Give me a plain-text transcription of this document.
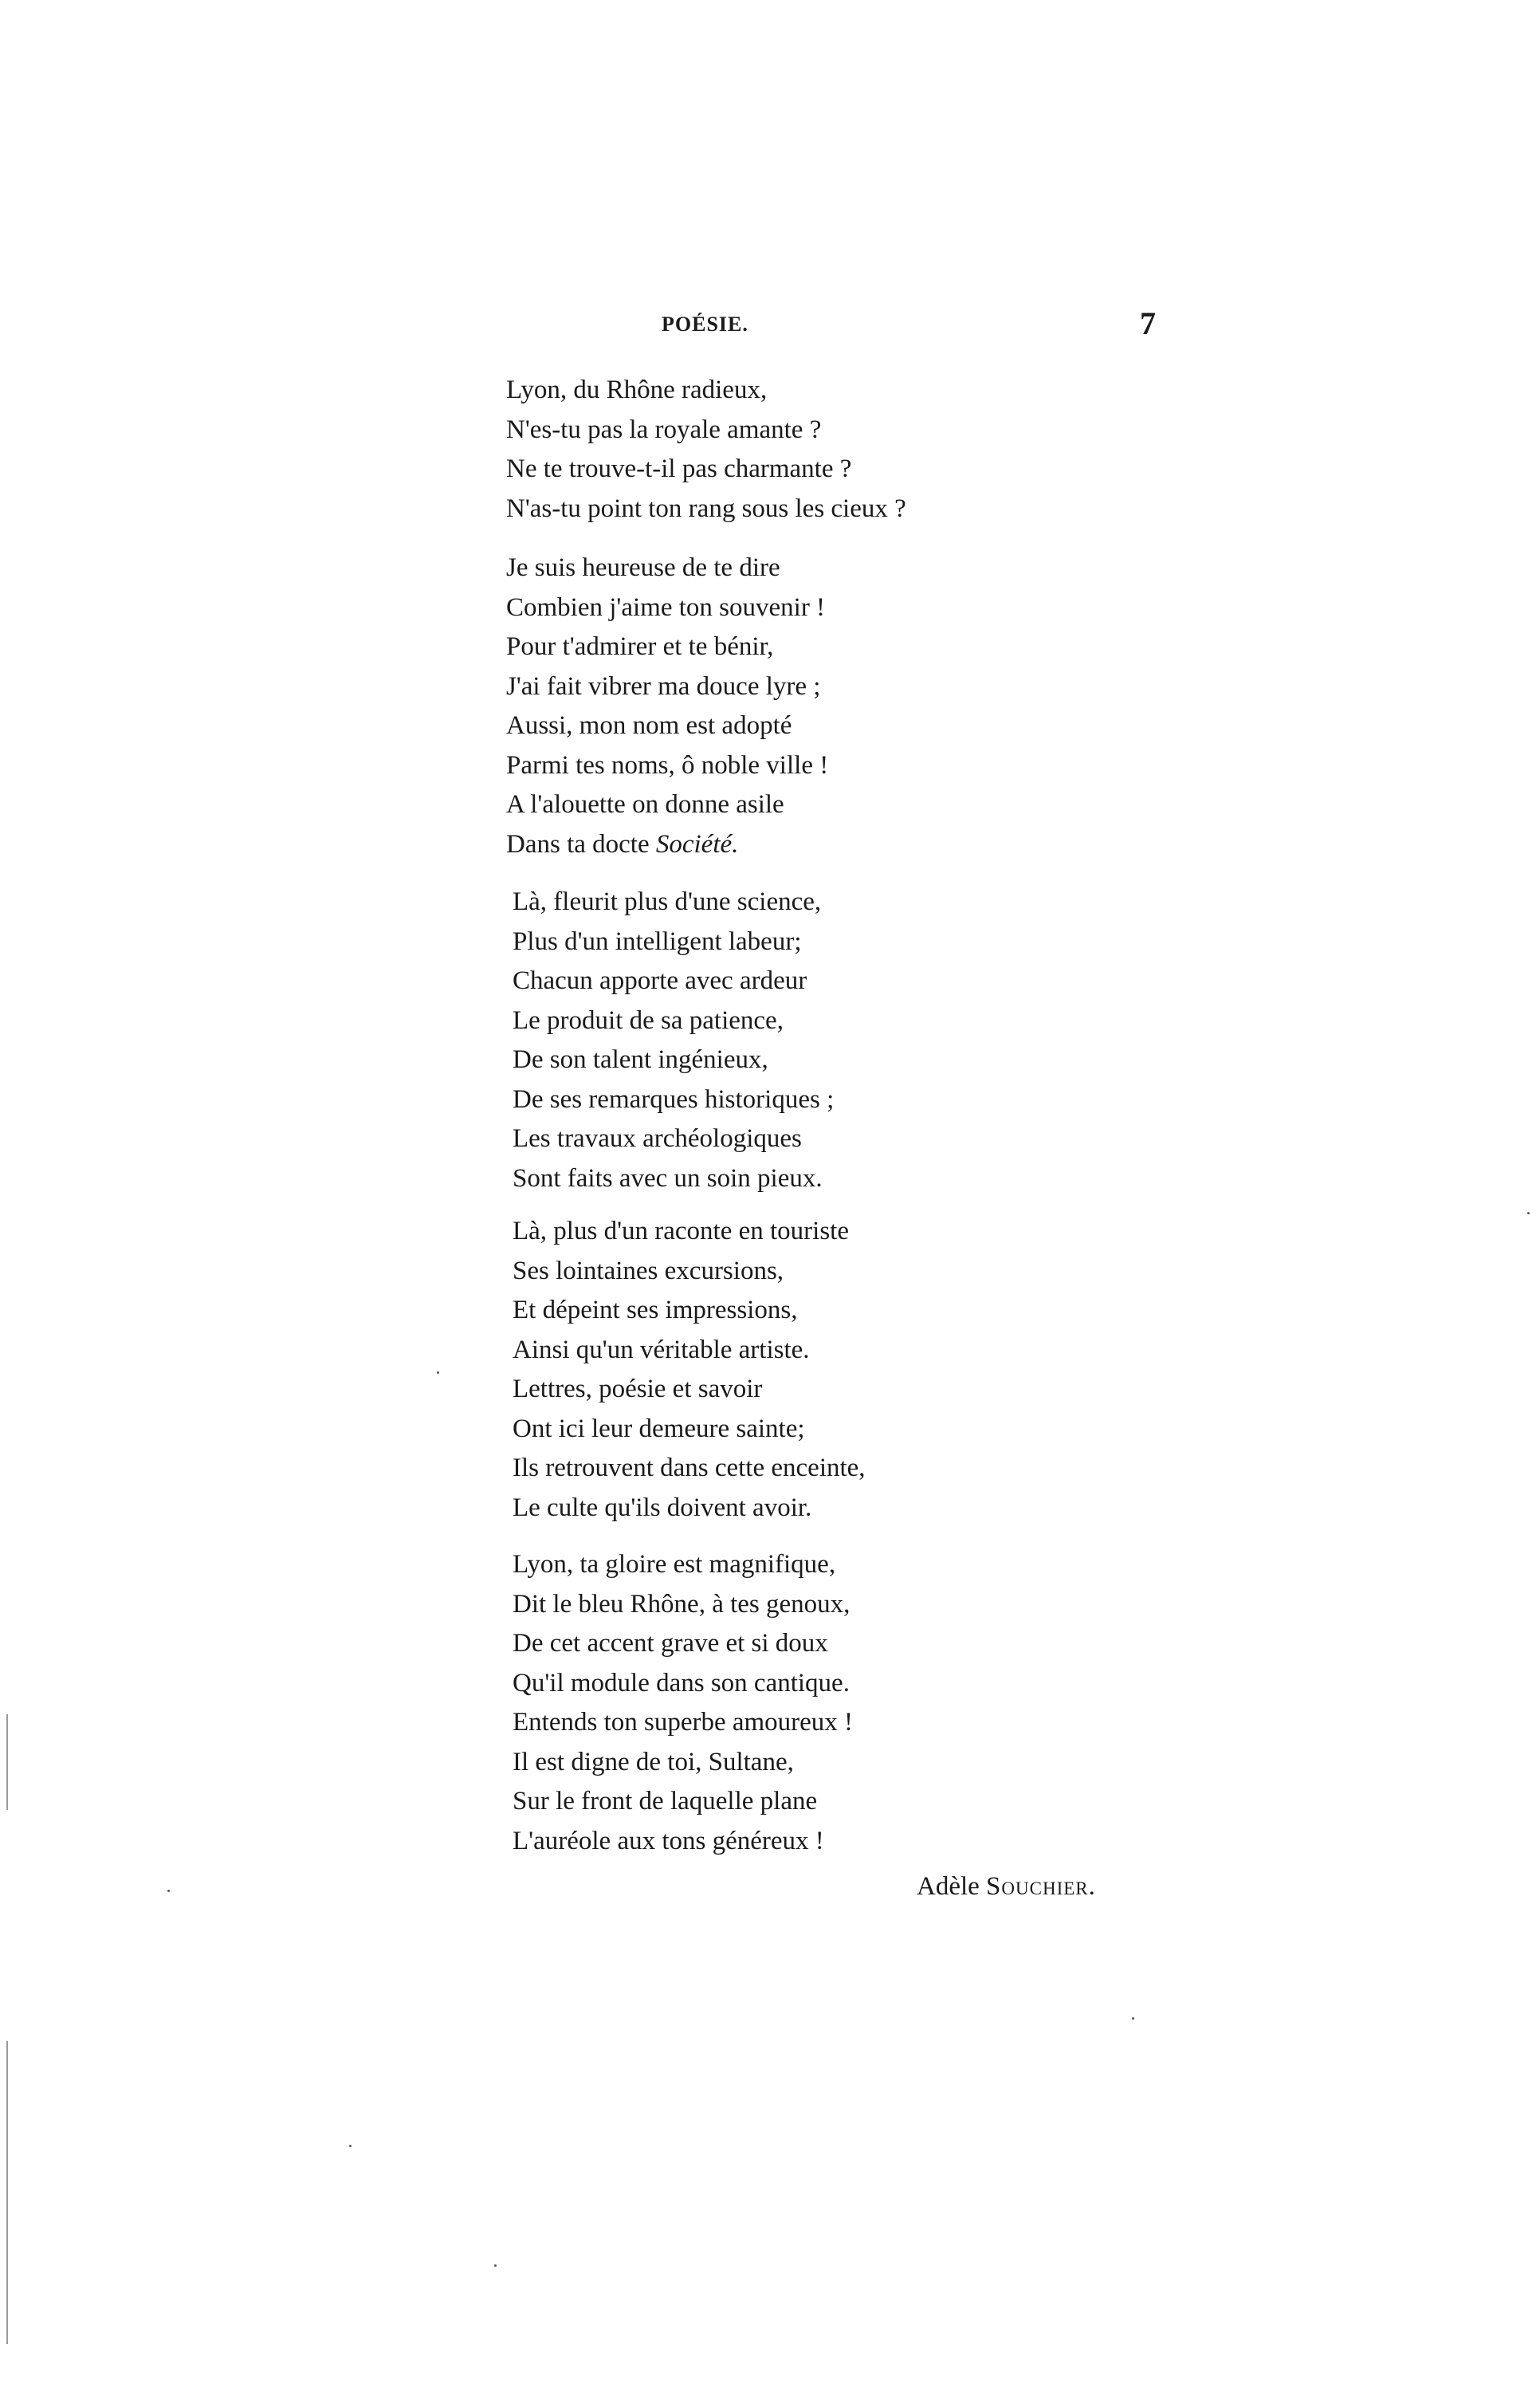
POÉSIE.	7
Lyon, du Rhône radieux,
N'es-tu pas la royale amante ?
Ne te trouve-t-il pas charmante ?
N'as-tu point ton rang sous les cieux ?
Je suis heureuse de te dire
Combien j'aime ton souvenir !
Pour t'admirer et te bénir,
J'ai fait vibrer ma douce lyre ;
Aussi, mon nom est adopté
Parmi tes noms, ô noble ville !
A l'alouette on donne asile
Dans ta docte Société.
Là, fleurit plus d'une science,
Plus d'un intelligent labeur;
Chacun apporte avec ardeur
Le produit de sa patience,
De son talent ingénieux,
De ses remarques historiques ;
Les travaux archéologiques
Sont faits avec un soin pieux.
Là, plus d'un raconte en touriste
Ses lointaines excursions,
Et dépeint ses impressions,
Ainsi qu'un véritable artiste.
Lettres, poésie et savoir
Ont ici leur demeure sainte;
Ils retrouvent dans cette enceinte,
Le culte qu'ils doivent avoir.
Lyon, ta gloire est magnifique,
Dit le bleu Rhône, à tes genoux,
De cet accent grave et si doux
Qu'il module dans son cantique.
Entends ton superbe amoureux !
Il est digne de toi, Sultane,
Sur le front de laquelle plane
L'auréole aux tons généreux !
Adèle Souchier.
